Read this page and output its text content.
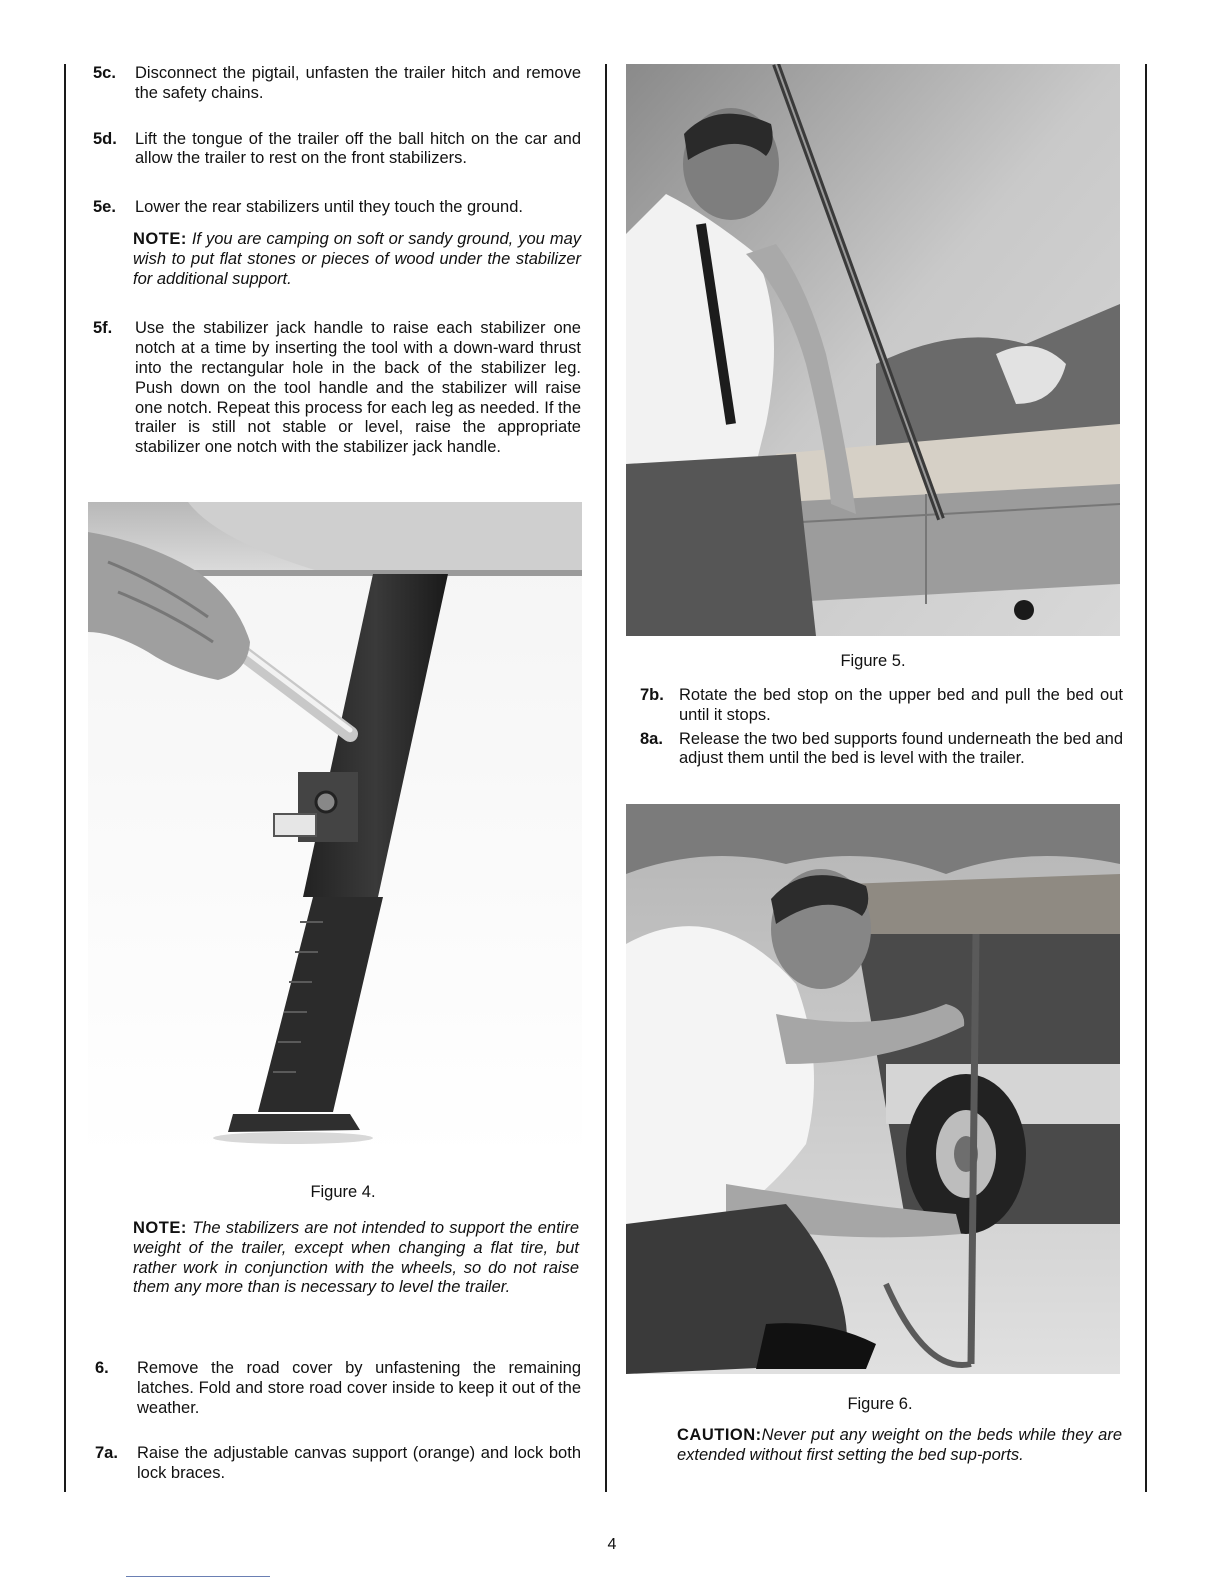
5c. Disconnect the pigtail, unfasten the trailer hitch and remove the safety chains.
5d. Lift the tongue of the trailer off the ball hitch on the car and allow the trailer to rest on the front stabilizers.
5e. Lower the rear stabilizers until they touch the ground.
NOTE: If you are camping on soft or sandy ground, you may wish to put flat stones or pieces of wood under the stabilizer for additional support.
5f. Use the stabilizer jack handle to raise each stabilizer one notch at a time by inserting the tool with a down-ward thrust into the rectangular hole in the back of the stabilizer leg. Push down on the tool handle and the stabilizer will raise one notch. Repeat this process for each leg as needed. If the trailer is still not stable or level, raise the appropriate stabilizer one notch with the stabilizer jack handle.
Figure 4.
NOTE: The stabilizers are not intended to support the entire weight of the trailer, except when changing a flat tire, but rather work in conjunction with the wheels, so do not raise them any more than is necessary to level the trailer.
6. Remove the road cover by unfastening the remaining latches. Fold and store road cover inside to keep it out of the weather.
7a. Raise the adjustable canvas support (orange) and lock both lock braces.
Figure 5.
7b. Rotate the bed stop on the upper bed and pull the bed out until it stops.
8a. Release the two bed supports found underneath the bed and adjust them until the bed is level with the trailer.
Figure 6.
CAUTION:Never put any weight on the beds while they are extended without first setting the bed sup-ports.
4
